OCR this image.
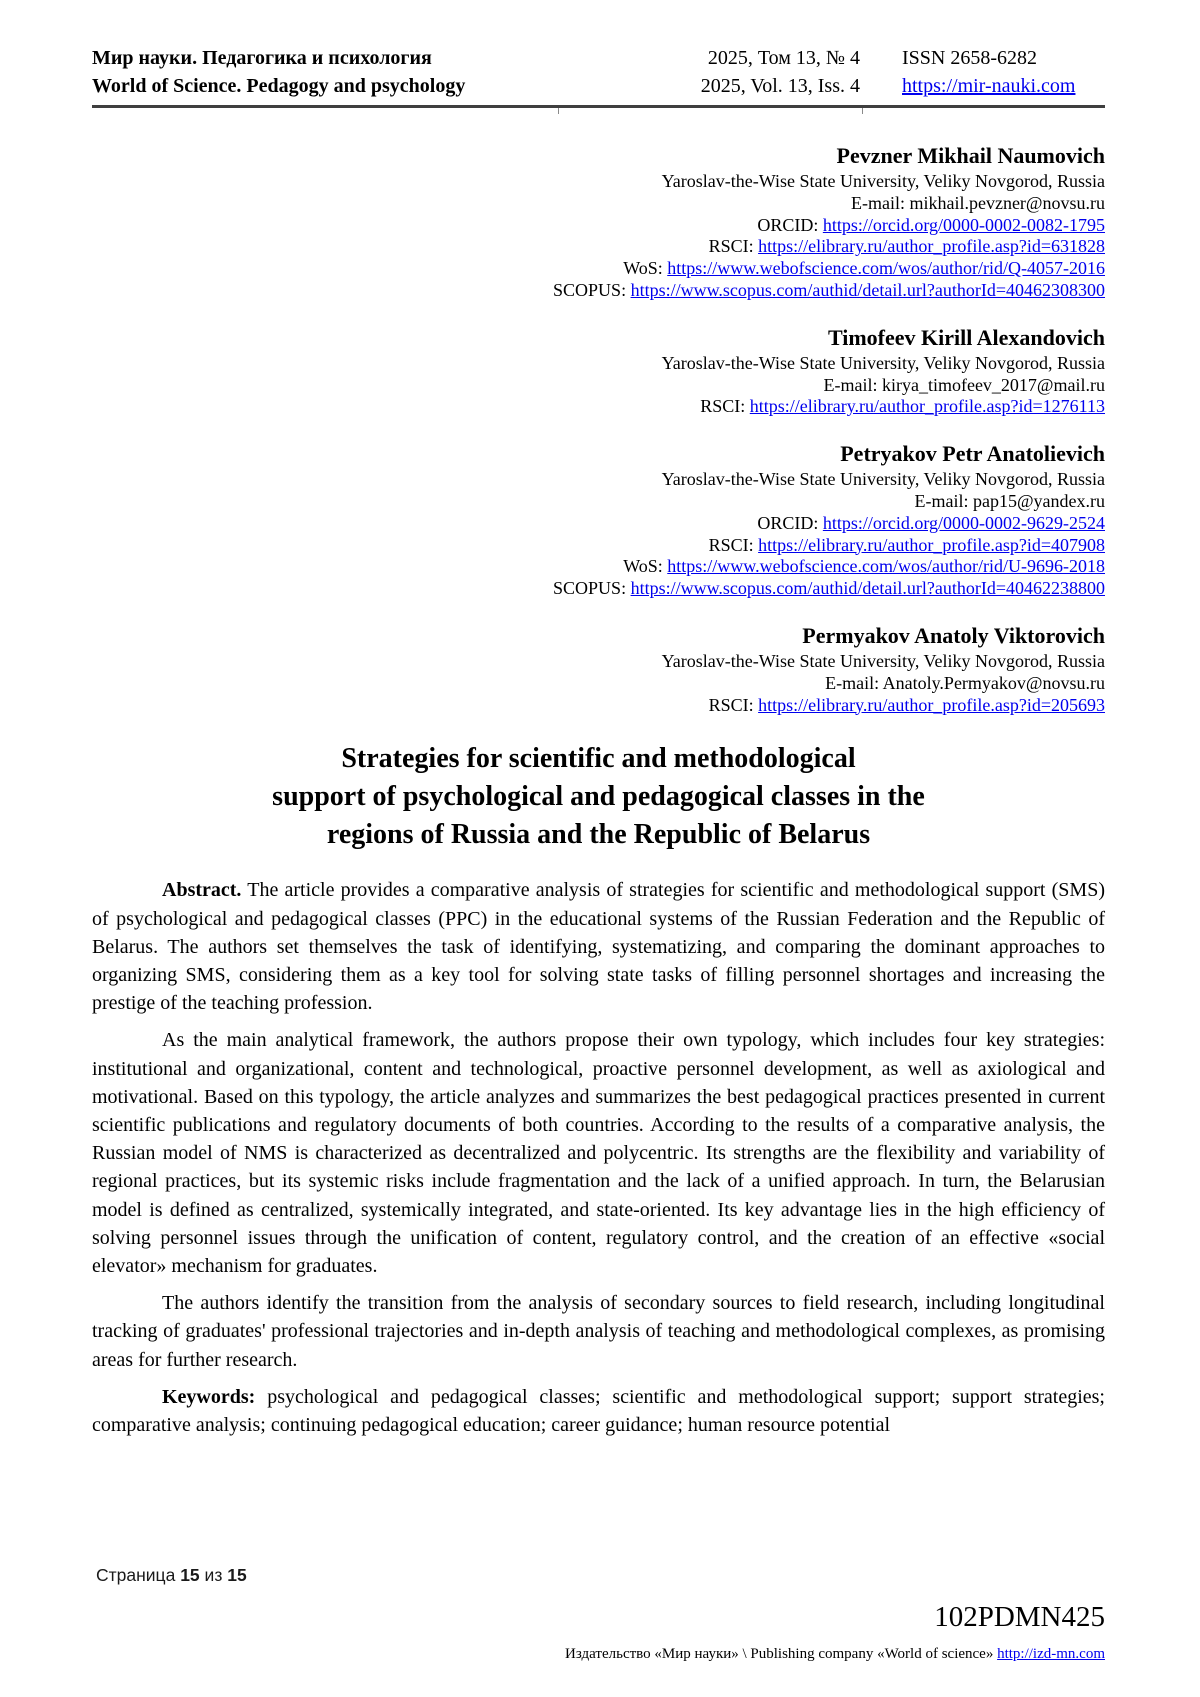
Мир науки. Педагогика и психология
World of Science. Pedagogy and psychology
2025, Том 13, № 4
2025, Vol. 13, Iss. 4
ISSN 2658-6282
https://mir-nauki.com
Pevzner Mikhail Naumovich
Yaroslav-the-Wise State University, Veliky Novgorod, Russia
E-mail: mikhail.pevzner@novsu.ru
ORCID: https://orcid.org/0000-0002-0082-1795
RSCI: https://elibrary.ru/author_profile.asp?id=631828
WoS: https://www.webofscience.com/wos/author/rid/Q-4057-2016
SCOPUS: https://www.scopus.com/authid/detail.url?authorId=40462308300
Timofeev Kirill Alexandovich
Yaroslav-the-Wise State University, Veliky Novgorod, Russia
E-mail: kirya_timofeev_2017@mail.ru
RSCI: https://elibrary.ru/author_profile.asp?id=1276113
Petryakov Petr Anatolievich
Yaroslav-the-Wise State University, Veliky Novgorod, Russia
E-mail: pap15@yandex.ru
ORCID: https://orcid.org/0000-0002-9629-2524
RSCI: https://elibrary.ru/author_profile.asp?id=407908
WoS: https://www.webofscience.com/wos/author/rid/U-9696-2018
SCOPUS: https://www.scopus.com/authid/detail.url?authorId=40462238800
Permyakov Anatoly Viktorovich
Yaroslav-the-Wise State University, Veliky Novgorod, Russia
E-mail: Anatoly.Permyakov@novsu.ru
RSCI: https://elibrary.ru/author_profile.asp?id=205693
Strategies for scientific and methodological
support of psychological and pedagogical classes in the
regions of Russia and the Republic of Belarus

Abstract. The article provides a comparative analysis of strategies for scientific and methodological support (SMS) of psychological and pedagogical classes (PPC) in the educational systems of the Russian Federation and the Republic of Belarus. The authors set themselves the task of identifying, systematizing, and comparing the dominant approaches to organizing SMS, considering them as a key tool for solving state tasks of filling personnel shortages and increasing the prestige of the teaching profession.

As the main analytical framework, the authors propose their own typology, which includes four key strategies: institutional and organizational, content and technological, proactive personnel development, as well as axiological and motivational. Based on this typology, the article analyzes and summarizes the best pedagogical practices presented in current scientific publications and regulatory documents of both countries. According to the results of a comparative analysis, the Russian model of NMS is characterized as decentralized and polycentric. Its strengths are the flexibility and variability of regional practices, but its systemic risks include fragmentation and the lack of a unified approach. In turn, the Belarusian model is defined as centralized, systemically integrated, and state-oriented. Its key advantage lies in the high efficiency of solving personnel issues through the unification of content, regulatory control, and the creation of an effective «social elevator» mechanism for graduates.

The authors identify the transition from the analysis of secondary sources to field research, including longitudinal tracking of graduates' professional trajectories and in-depth analysis of teaching and methodological complexes, as promising areas for further research.

Keywords: psychological and pedagogical classes; scientific and methodological support; support strategies; comparative analysis; continuing pedagogical education; career guidance; human resource potential

Страница 15 из 15
102PDMN425
Издательство «Мир науки» \ Publishing company «World of science» http://izd-mn.com
